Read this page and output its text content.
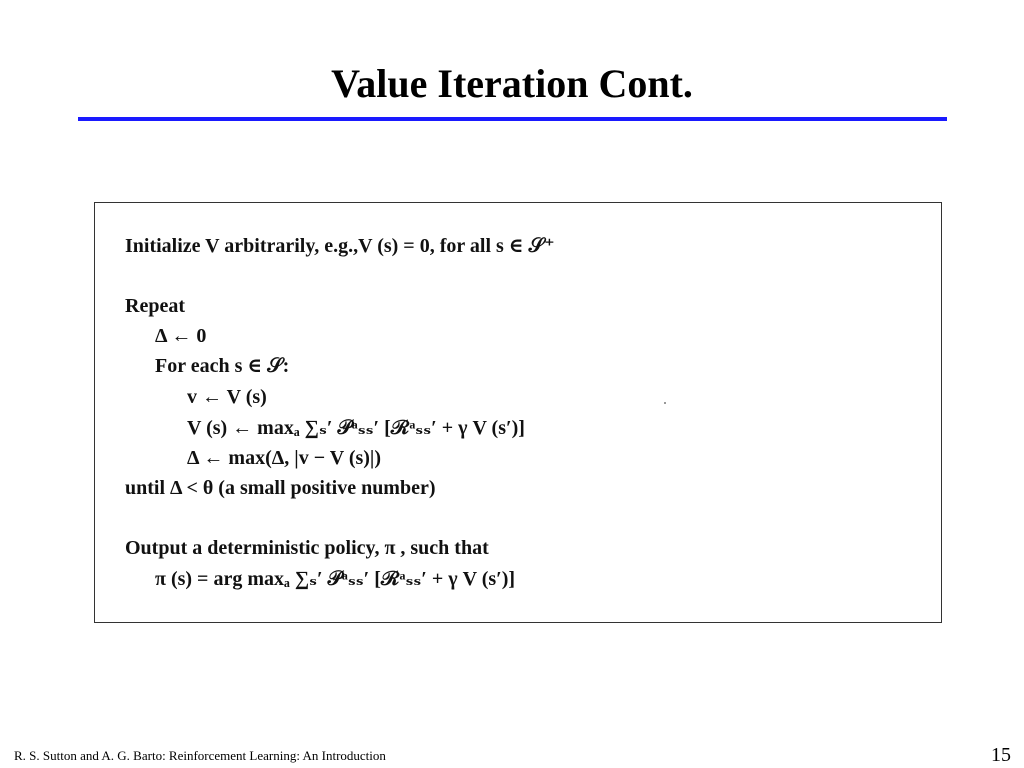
Value Iteration Cont.
Initialize V arbitrarily, e.g.,V (s) = 0, for all s ∈ 𝒮⁺
Repeat
Δ ← 0
For each s ∈ 𝒮:
v ← V (s)
V (s) ← maxₐ ∑ₛ′ 𝒫ᵃₛₛ′ [ℛᵃₛₛ′ + γ V (s′)]
Δ ← max(Δ, |v − V (s)|)
until Δ < θ (a small positive number)
Output a deterministic policy, π , such that
π (s) = arg maxₐ ∑ₛ′ 𝒫ᵃₛₛ′ [ℛᵃₛₛ′ + γ V (s′)]
R. S. Sutton and A. G. Barto: Reinforcement Learning: An Introduction	15
